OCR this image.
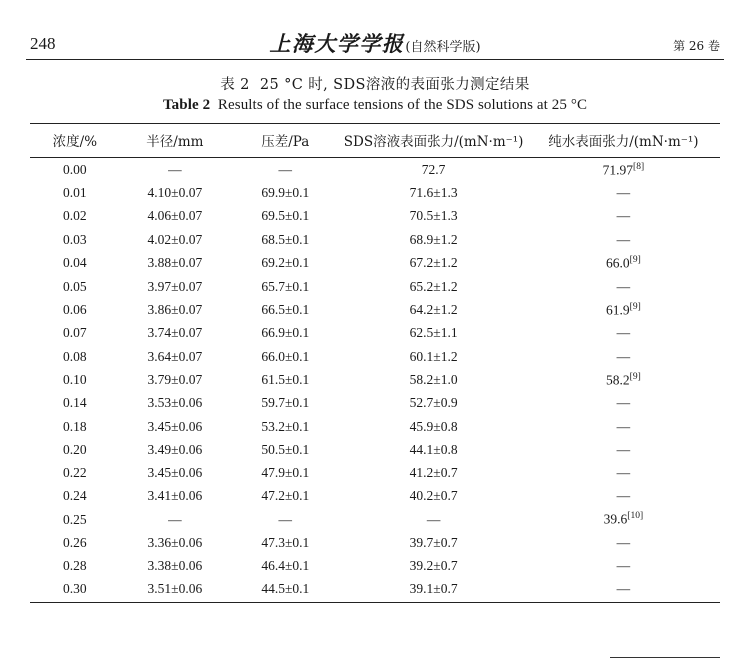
248	上海大学学报(自然科学版)	第 26 卷
表 2 25 °C 时, SDS溶液的表面张力测定结果
Table 2 Results of the surface tensions of the SDS solutions at 25 °C
浓度/%	半径/mm	压差/Pa	SDS溶液表面张力/(mN·m⁻¹)	纯水表面张力/(mN·m⁻¹)
0.00	—	—	72.7	71.97[8]
0.01	4.10±0.07	69.9±0.1	71.6±1.3	—
0.02	4.06±0.07	69.5±0.1	70.5±1.3	—
0.03	4.02±0.07	68.5±0.1	68.9±1.2	—
0.04	3.88±0.07	69.2±0.1	67.2±1.2	66.0[9]
0.05	3.97±0.07	65.7±0.1	65.2±1.2	—
0.06	3.86±0.07	66.5±0.1	64.2±1.2	61.9[9]
0.07	3.74±0.07	66.9±0.1	62.5±1.1	—
0.08	3.64±0.07	66.0±0.1	60.1±1.2	—
0.10	3.79±0.07	61.5±0.1	58.2±1.0	58.2[9]
0.14	3.53±0.06	59.7±0.1	52.7±0.9	—
0.18	3.45±0.06	53.2±0.1	45.9±0.8	—
0.20	3.49±0.06	50.5±0.1	44.1±0.8	—
0.22	3.45±0.06	47.9±0.1	41.2±0.7	—
0.24	3.41±0.06	47.2±0.1	40.2±0.7	—
0.25	—	—	—	39.6[10]
0.26	3.36±0.06	47.3±0.1	39.7±0.7	—
0.28	3.38±0.06	46.4±0.1	39.2±0.7	—
0.30	3.51±0.06	44.5±0.1	39.1±0.7	—
